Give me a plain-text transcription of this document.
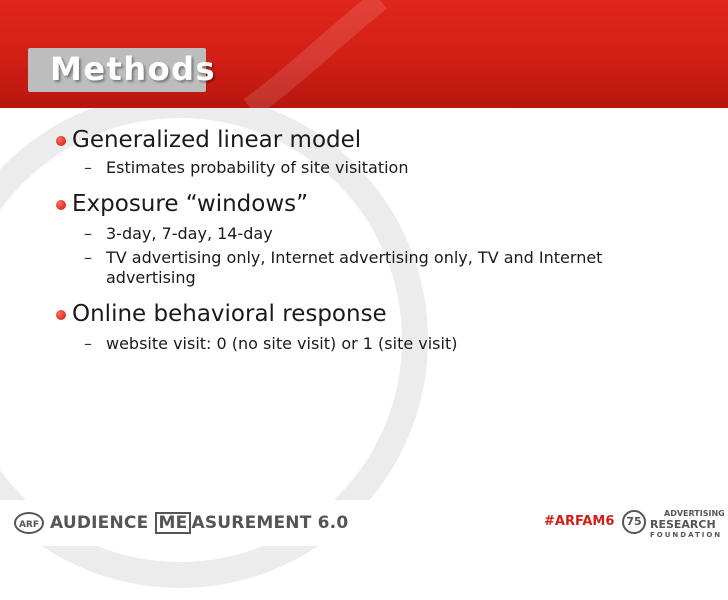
Methods
Generalized linear model
– Estimates probability of site visitation
Exposure “windows”
– 3-day, 7-day, 14-day
– TV advertising only, Internet advertising only, TV and Internet advertising
Online behavioral response
– website visit: 0 (no site visit) or 1 (site visit)
ARF AUDIENCE ME ASUREMENT 6.0	#ARFAM6	75
ADVERTISING
RESEARCH
FOUNDATION
